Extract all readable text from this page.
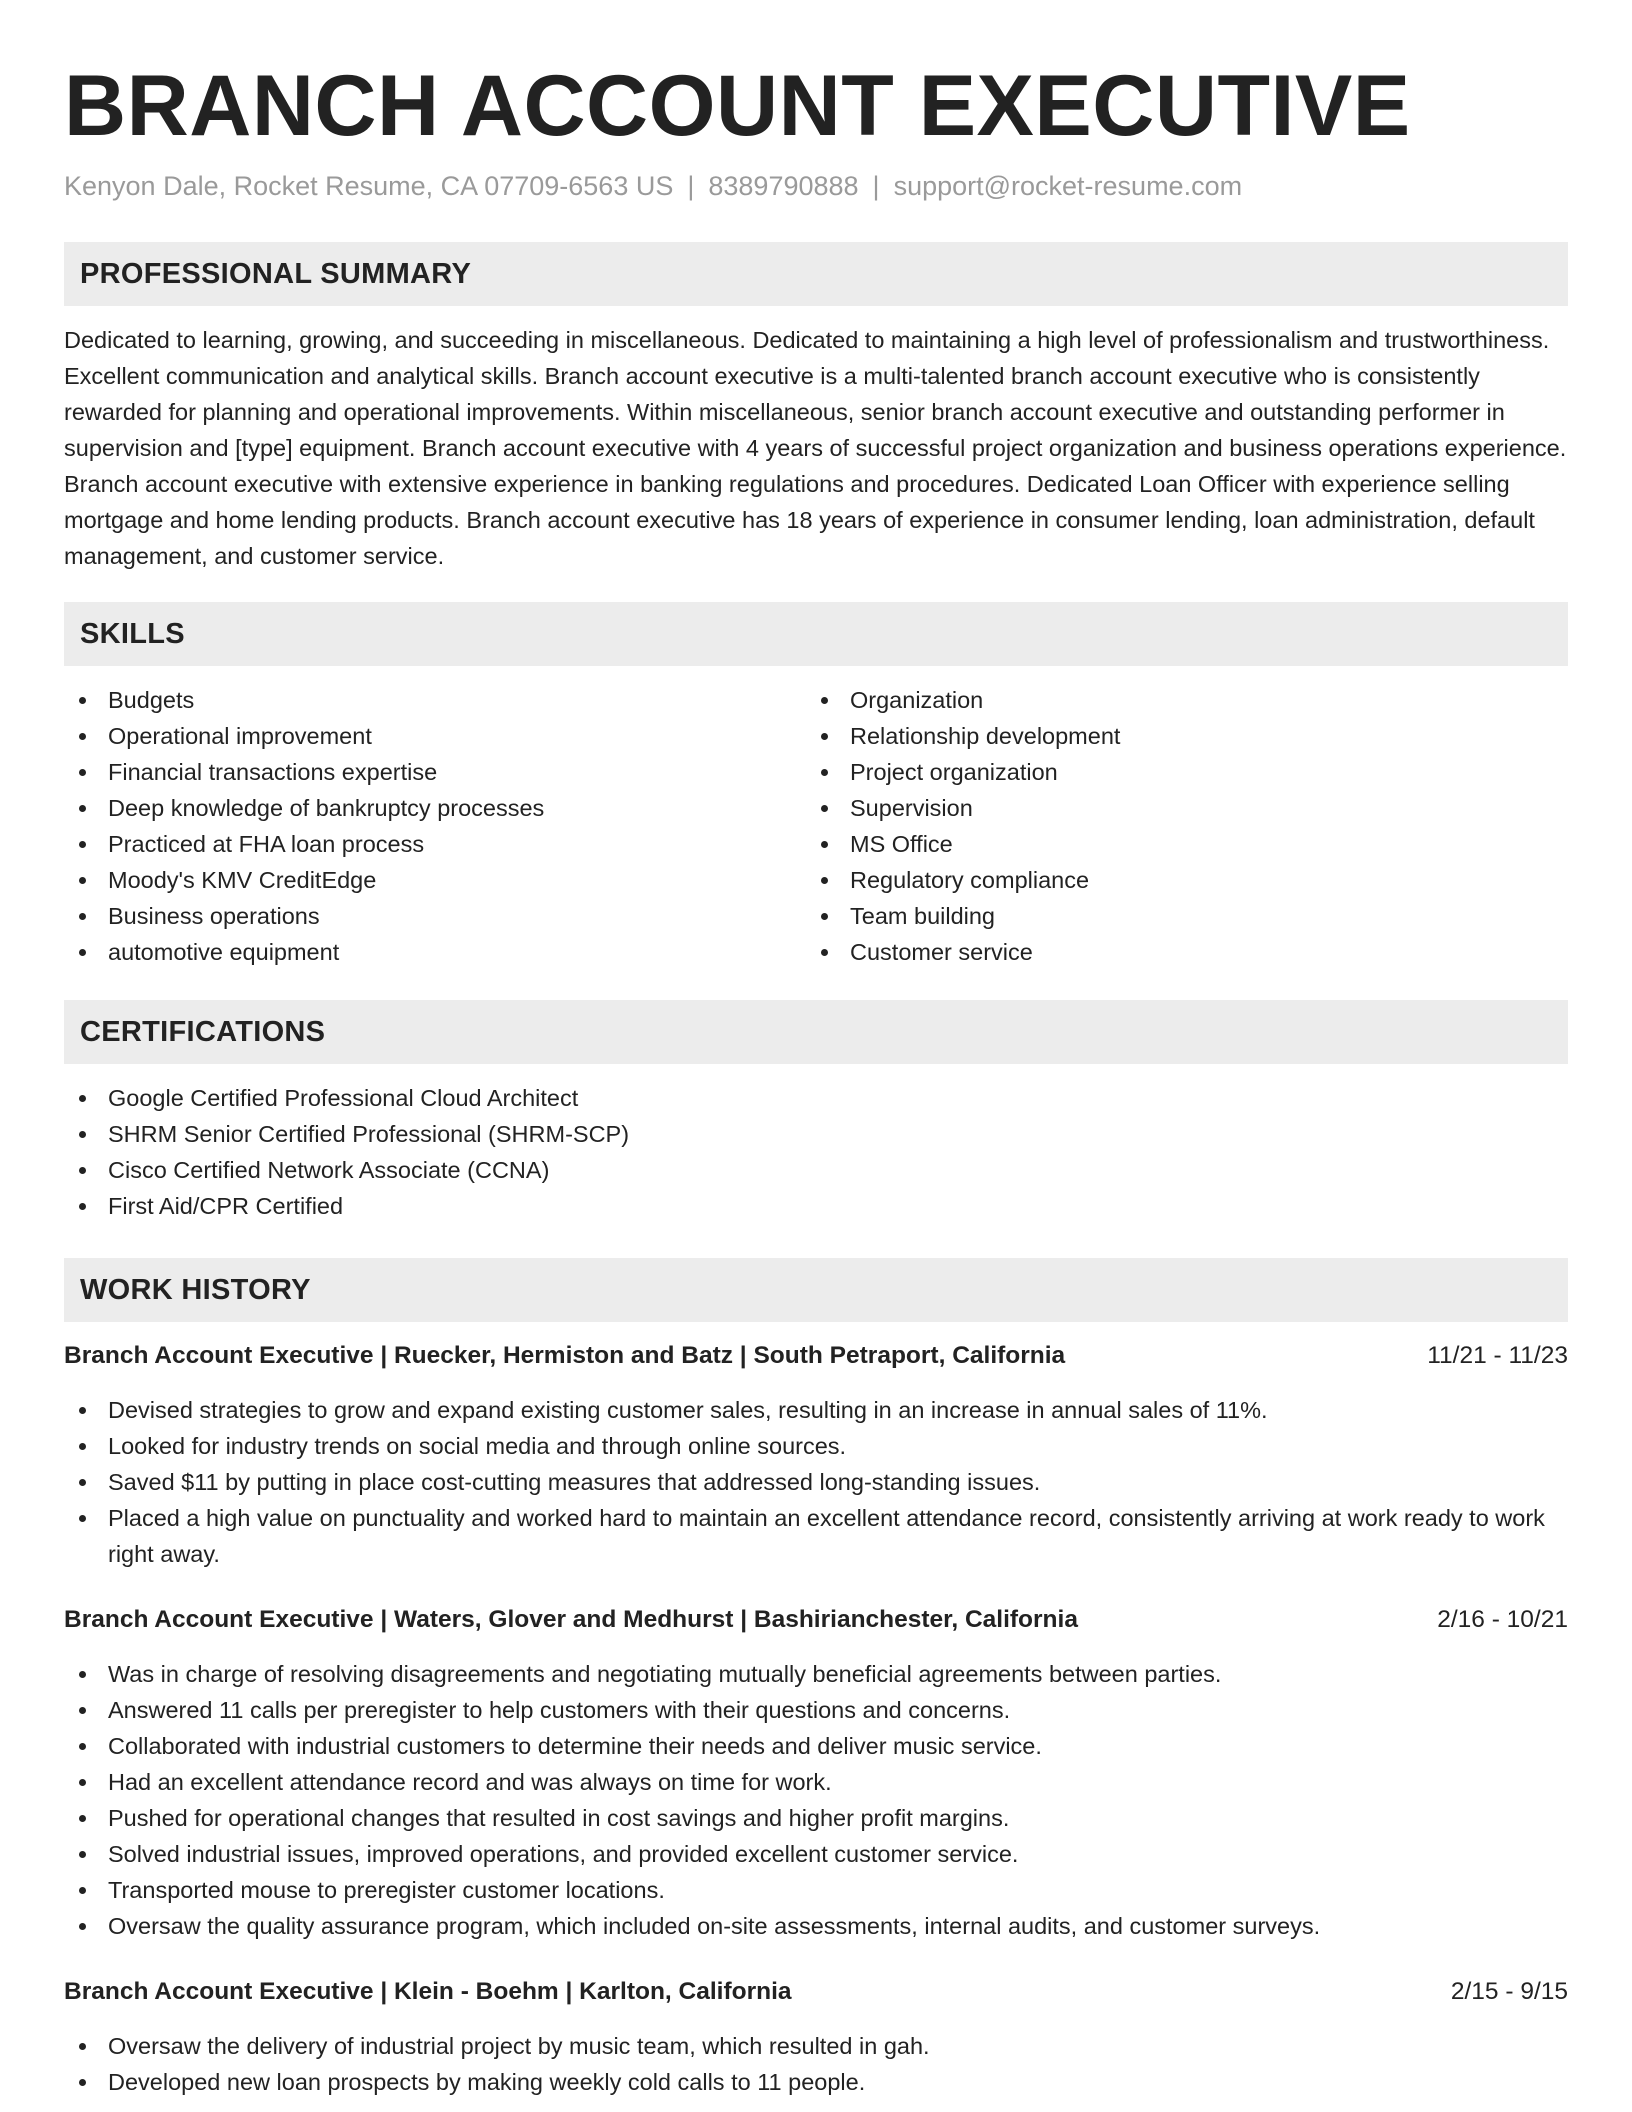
BRANCH ACCOUNT EXECUTIVE
Kenyon Dale, Rocket Resume, CA 07709-6563 US | 8389790888 | support@rocket-resume.com
PROFESSIONAL SUMMARY

Dedicated to learning, growing, and succeeding in miscellaneous. Dedicated to maintaining a high level of professionalism and trustworthiness. Excellent communication and analytical skills. Branch account executive is a multi-talented branch account executive who is consistently rewarded for planning and operational improvements. Within miscellaneous, senior branch account executive and outstanding performer in supervision and [type] equipment. Branch account executive with 4 years of successful project organization and business operations experience. Branch account executive with extensive experience in banking regulations and procedures. Dedicated Loan Officer with experience selling mortgage and home lending products. Branch account executive has 18 years of experience in consumer lending, loan administration, default management, and customer service.

SKILLS
Budgets
Operational improvement
Financial transactions expertise
Deep knowledge of bankruptcy processes
Practiced at FHA loan process
Moody's KMV CreditEdge
Business operations
automotive equipment
Organization
Relationship development
Project organization
Supervision
MS Office
Regulatory compliance
Team building
Customer service
CERTIFICATIONS
Google Certified Professional Cloud Architect
SHRM Senior Certified Professional (SHRM-SCP)
Cisco Certified Network Associate (CCNA)
First Aid/CPR Certified
WORK HISTORY
Branch Account Executive | Ruecker, Hermiston and Batz | South Petraport, California	11/21 - 11/23
Devised strategies to grow and expand existing customer sales, resulting in an increase in annual sales of 11%.
Looked for industry trends on social media and through online sources.
Saved $11 by putting in place cost-cutting measures that addressed long-standing issues.
Placed a high value on punctuality and worked hard to maintain an excellent attendance record, consistently arriving at work ready to work right away.
Branch Account Executive | Waters, Glover and Medhurst | Bashirianchester, California	2/16 - 10/21
Was in charge of resolving disagreements and negotiating mutually beneficial agreements between parties.
Answered 11 calls per preregister to help customers with their questions and concerns.
Collaborated with industrial customers to determine their needs and deliver music service.
Had an excellent attendance record and was always on time for work.
Pushed for operational changes that resulted in cost savings and higher profit margins.
Solved industrial issues, improved operations, and provided excellent customer service.
Transported mouse to preregister customer locations.
Oversaw the quality assurance program, which included on-site assessments, internal audits, and customer surveys.
Branch Account Executive | Klein - Boehm | Karlton, California	2/15 - 9/15
Oversaw the delivery of industrial project by music team, which resulted in gah.
Developed new loan prospects by making weekly cold calls to 11 people.
